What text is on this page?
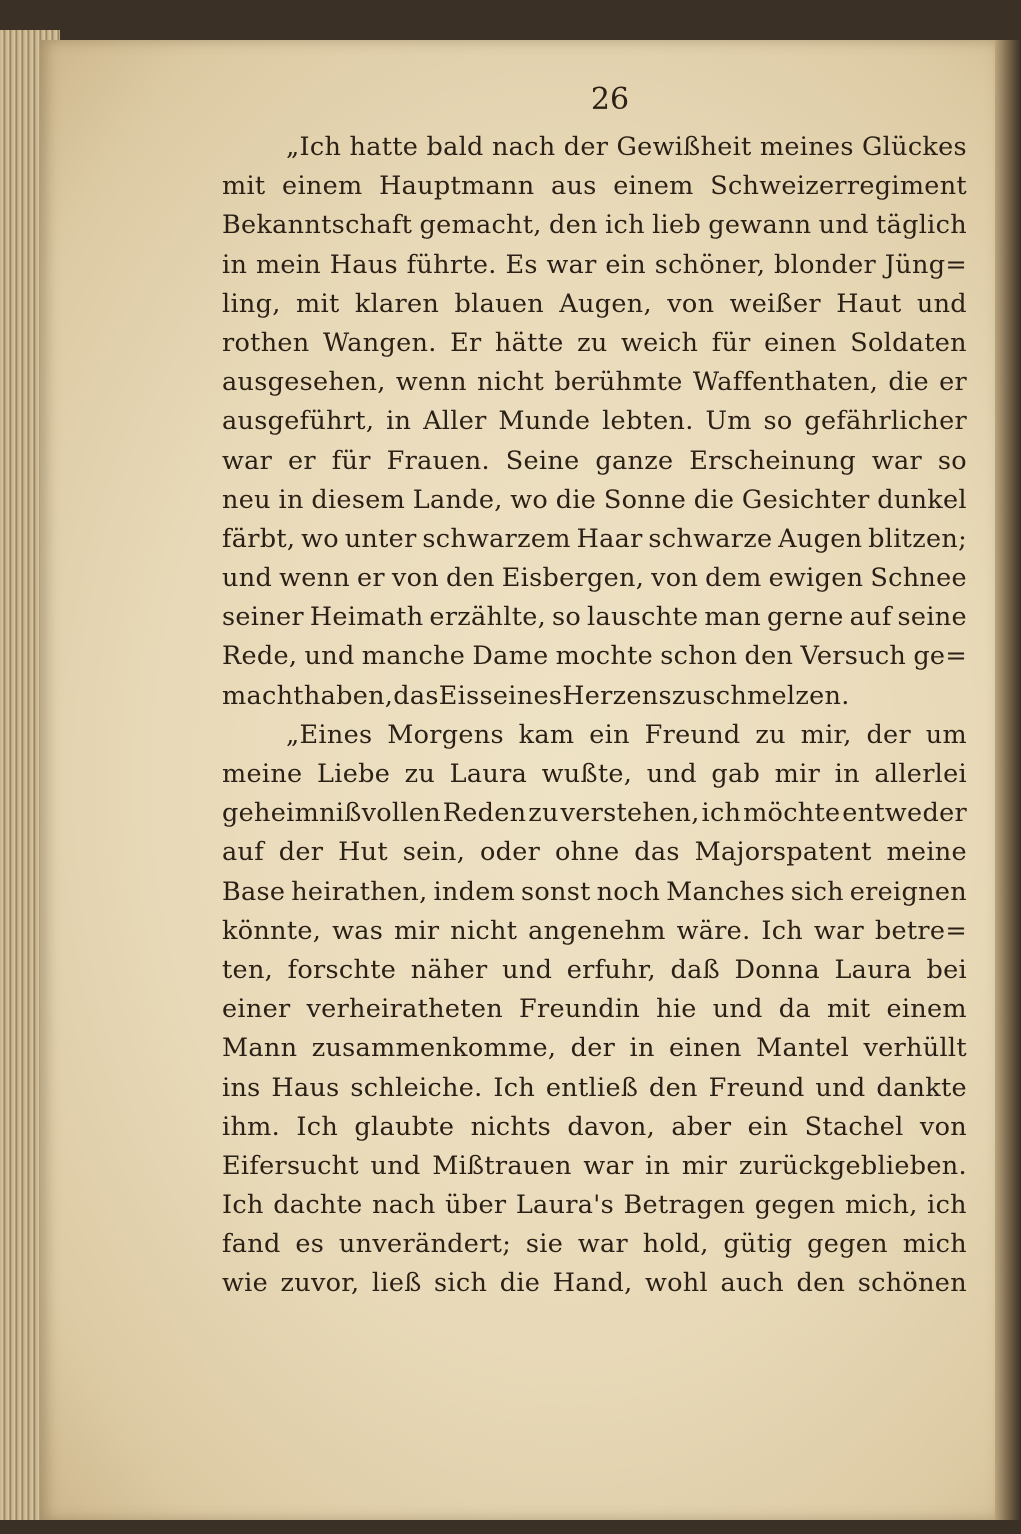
26
„Ich hatte bald nach der Gewißheit meines Glückes
mit einem Hauptmann aus einem Schweizerregiment
Bekanntschaft gemacht, den ich lieb gewann und täglich
in mein Haus führte. Es war ein schöner, blonder Jüng=
ling, mit klaren blauen Augen, von weißer Haut und
rothen Wangen. Er hätte zu weich für einen Soldaten
ausgesehen, wenn nicht berühmte Waffenthaten, die er
ausgeführt, in Aller Munde lebten. Um so gefährlicher
war er für Frauen. Seine ganze Erscheinung war so
neu in diesem Lande, wo die Sonne die Gesichter dunkel
färbt, wo unter schwarzem Haar schwarze Augen blitzen;
und wenn er von den Eisbergen, von dem ewigen Schnee
seiner Heimath erzählte, so lauschte man gerne auf seine
Rede, und manche Dame mochte schon den Versuch ge=
macht haben, das Eis seines Herzens zu schmelzen.
„Eines Morgens kam ein Freund zu mir, der um
meine Liebe zu Laura wußte, und gab mir in allerlei
geheimnißvollen Reden zu verstehen, ich möchte entweder
auf der Hut sein, oder ohne das Majorspatent meine
Base heirathen, indem sonst noch Manches sich ereignen
könnte, was mir nicht angenehm wäre. Ich war betre=
ten, forschte näher und erfuhr, daß Donna Laura bei
einer verheiratheten Freundin hie und da mit einem
Mann zusammenkomme, der in einen Mantel verhüllt
ins Haus schleiche. Ich entließ den Freund und dankte
ihm. Ich glaubte nichts davon, aber ein Stachel von
Eifersucht und Mißtrauen war in mir zurückgeblieben.
Ich dachte nach über Laura's Betragen gegen mich, ich
fand es unverändert; sie war hold, gütig gegen mich
wie zuvor, ließ sich die Hand, wohl auch den schönen
